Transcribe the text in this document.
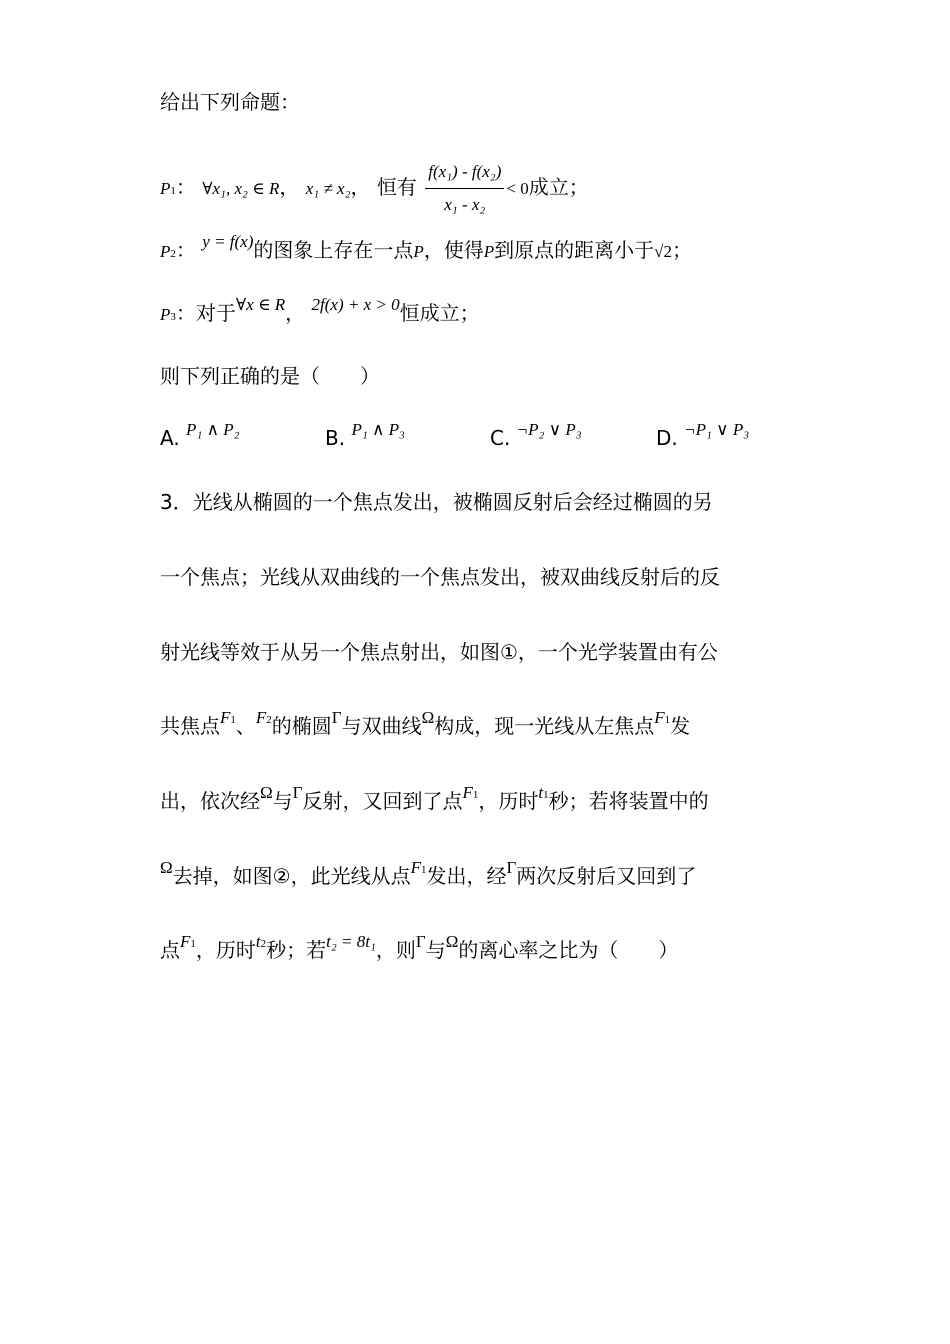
给出下列命题：
P1： ∀x₁, x₂ ∈ R， x₁ ≠ x₂， 恒有 $\frac{\text{f(x₁) - f(x₂)}}{\text{x₁ - x₂}} < 0$成立；
P2： $^{y = f(x)}$的图象上存在一点P，使得P到原点的距离小于√2；
P3：对于$^{\forall x \in R}$， $^{2f(x) + x > 0}$恒成立；
则下列正确的是（　　）
A. $^{P_1 \wedge P_2}$	B. $^{P_1 \wedge P_3}$	C. $^{\neg P_2 \vee P_3}$	D. $^{\neg P_1 \vee P_3}$
3．光线从椭圆的一个焦点发出，被椭圆反射后会经过椭圆的另
一个焦点；光线从双曲线的一个焦点发出，被双曲线反射后的反
射光线等效于从另一个焦点射出，如图①，一个光学装置由有公
共焦点F1、F2的椭圆$^\Gamma$与双曲线$^\Omega$构成，现一光线从左焦点F1发
出，依次经$^\Omega$与$^\Gamma$反射，又回到了点F1，历时t1秒；若将装置中的
$^\Omega$去掉，如图②，此光线从点F1发出，经$^\Gamma$两次反射后又回到了
点F1，历时t2秒；若$^{t_2 = 8t_1}$，则$^\Gamma$与$^\Omega$的离心率之比为（　　）
